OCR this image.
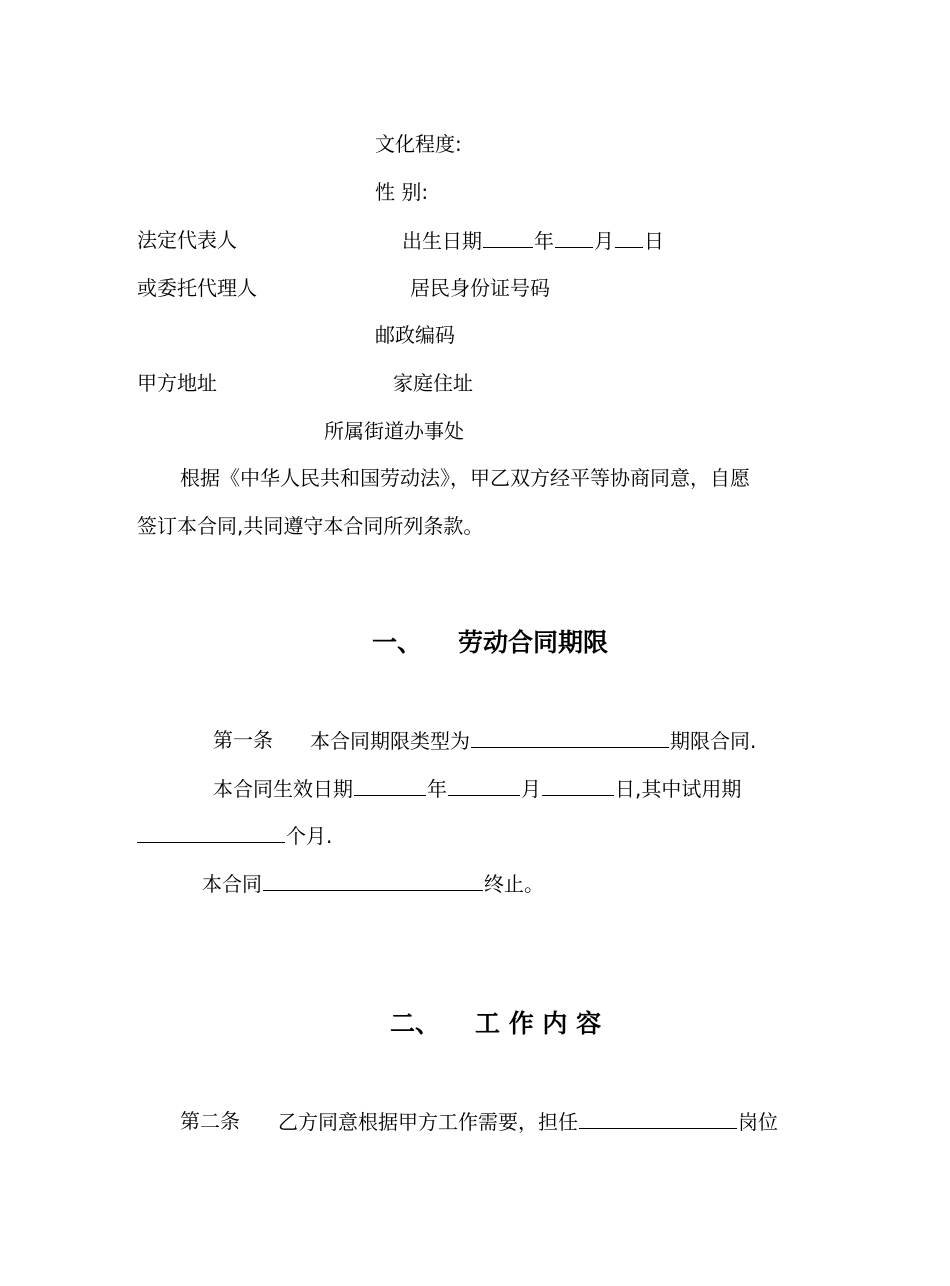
文化程度:
性 别:
法定代表人	出生日期	年 月 日
或委托代理人	居民身份证号码
邮政编码
甲方地址	家庭住址
所属街道办事处
根据《中华人民共和国劳动法》，甲乙双方经平等协商同意，自愿
签订本合同,共同遵守本合同所列条款。
一、 劳动合同期限
第一条 本合同期限类型为	期限合同.
本合同生效日期	年	月	日,其中试用期
个月.
本合同	终止。
二、 工 作 内 容
第二条 乙方同意根据甲方工作需要，担任	岗位
